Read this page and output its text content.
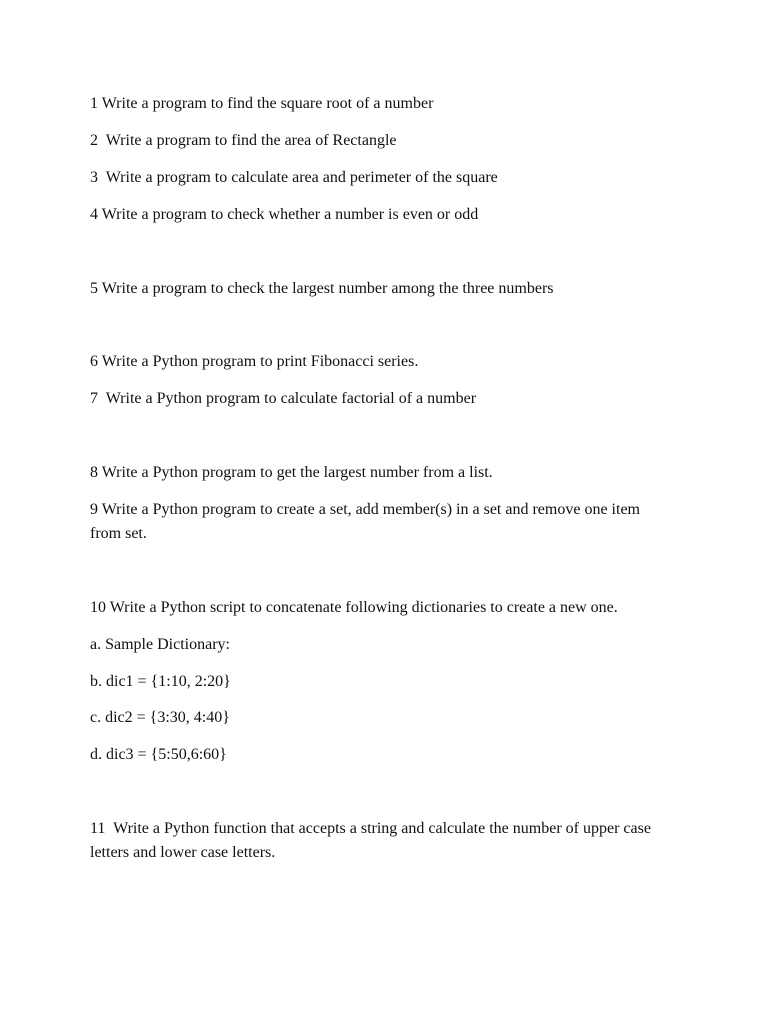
1 Write a program to find the square root of a number

2  Write a program to find the area of Rectangle

3  Write a program to calculate area and perimeter of the square

4 Write a program to check whether a number is even or odd

5 Write a program to check the largest number among the three numbers

6 Write a Python program to print Fibonacci series.

7  Write a Python program to calculate factorial of a number

8 Write a Python program to get the largest number from a list.

9 Write a Python program to create a set, add member(s) in a set and remove one item from set.

10 Write a Python script to concatenate following dictionaries to create a new one.

a. Sample Dictionary:

b. dic1 = {1:10, 2:20}

c. dic2 = {3:30, 4:40}

d. dic3 = {5:50,6:60}

11  Write a Python function that accepts a string and calculate the number of upper case letters and lower case letters.
